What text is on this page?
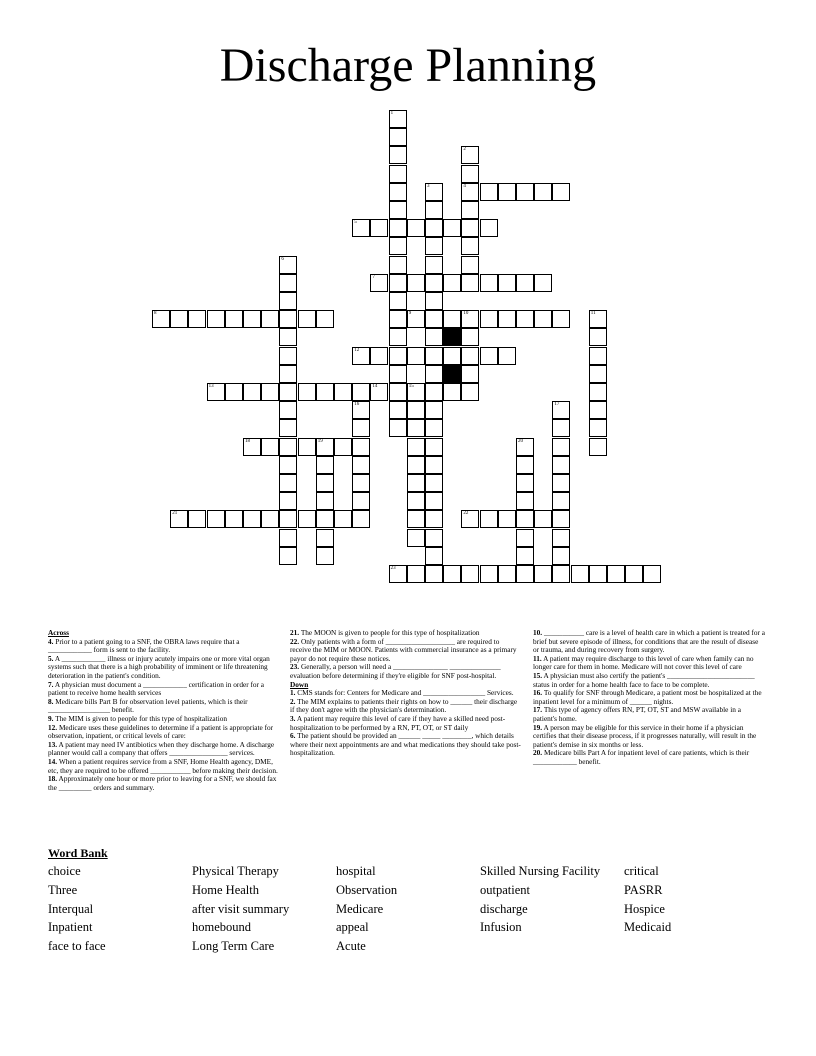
Discharge Planning
4
5
7
8	9	10
12
13	14	15
18	19
21	22
23
1
2
3
6
11
16	17
20

Across

4. Prior to a patient going to a SNF, the OBRA laws require that a ____________ form is sent to the facility.

5. A ____________ illness or injury acutely impairs one or more vital organ systems such that there is a high probability of imminent or life threatening deterioration in the patient's condition.

7. A physician must document a ____________ certification in order for a patient to receive home health services

8. Medicare bills Part B for observation level patients, which is their _________________ benefit.

9. The MIM is given to people for this type of hospitalization

12. Medicare uses these guidelines to determine if a patient is appropriate for observation, inpatient, or critical levels of care:

13. A patient may need IV antibiotics when they discharge home. A discharge planner would call a company that offers ________________ services.

14. When a patient requires service from a SNF, Home Health agency, DME, etc, they are required to be offered ___________ before making their decision.

18. Approximately one hour or more prior to leaving for a SNF, we should fax the _________ orders and summary.

21. The MOON is given to people for this type of hospitalization

22. Only patients with a form of ___________________ are required to receive the MIM or MOON. Patients with commercial insurance as a primary payor do not require these notices.

23. Generally, a person will need a _______________ ______________ evaluation before determining if they're eligible for SNF post-hospital.

Down

1. CMS stands for: Centers for Medicare and _________________ Services.

2. The MIM explains to patients their rights on how to ______ their discharge if they don't agree with the physician's determination.

3. A patient may require this level of care if they have a skilled need post-hospitalization to be performed by a RN, PT, OT, or ST daily

6. The patient should be provided an ______ _____ ________, which details where their next appointments are and what medications they should take post-hospitalization.

10. ___________ care is a level of health care in which a patient is treated for a brief but severe episode of illness, for conditions that are the result of disease or trauma, and during recovery from surgery.

11. A patient may require discharge to this level of care when family can no longer care for them in home. Medicare will not cover this level of care

15. A physician must also certify the patient's ________________________ status in order for a home health face to face to be complete.

16. To qualify for SNF through Medicare, a patient most be hospitalized at the inpatient level for a minimum of ______ nights.

17. This type of agency offers RN, PT, OT, ST and MSW available in a patient's home.

19. A person may be eligible for this service in their home if a physician certifies that their disease process, if it progresses naturally, will result in the patient's demise in six months or less.

20. Medicare bills Part A for inpatient level of care patients, which is their ____________ benefit.

Word Bank
choice
Three
Interqual
Inpatient
face to face
Physical Therapy
Home Health
after visit summary
homebound
Long Term Care
hospital
Observation
Medicare
appeal
Acute
Skilled Nursing Facility
outpatient
discharge
Infusion
critical
PASRR
Hospice
Medicaid
